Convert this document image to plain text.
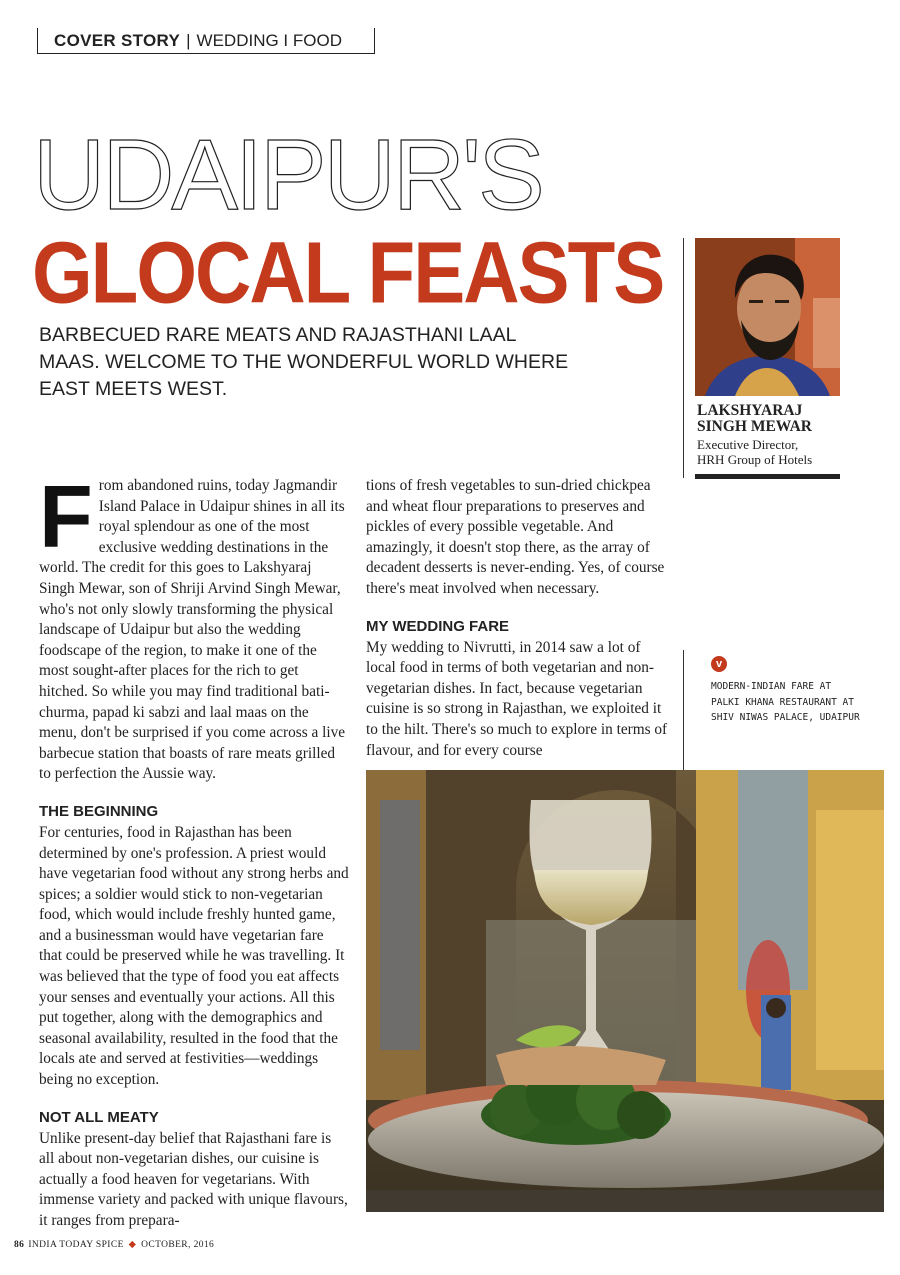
COVER STORY | WEDDING I FOOD
UDAIPUR'S
GLOCAL FEASTS
BARBECUED RARE MEATS AND RAJASTHANI LAAL MAAS. WELCOME TO THE WONDERFUL WORLD WHERE EAST MEETS WEST.
LAKSHYARAJ SINGH MEWAR
Executive Director,
HRH Group of Hotels
v
MODERN-INDIAN FARE AT PALKI KHANA RESTAURANT AT SHIV NIWAS PALACE, UDAIPUR

From abandoned ruins, today Jagmandir Island Palace in Udaipur shines in all its royal splendour as one of the most exclusive wedding destinations in the world. The credit for this goes to Lakshyaraj Singh Mewar, son of Shriji Arvind Singh Mewar, who's not only slowly transforming the physical landscape of Udaipur but also the wedding foodscape of the region, to make it one of the most sought-after places for the rich to get hitched. So while you may find traditional bati-churma, papad ki sabzi and laal maas on the menu, don't be surprised if you come across a live barbecue station that boasts of rare meats grilled to perfection the Aussie way.

THE BEGINNING

For centuries, food in Rajasthan has been determined by one's profession. A priest would have vegetarian food without any strong herbs and spices; a soldier would stick to non-vegetarian food, which would include freshly hunted game, and a businessman would have vegetarian fare that could be preserved while he was travelling. It was believed that the type of food you eat affects your senses and eventually your actions. All this put together, along with the demographics and seasonal availability, resulted in the food that the locals ate and served at festivities—weddings being no exception.

NOT ALL MEATY

Unlike present-day belief that Rajasthani fare is all about non-vegetarian dishes, our cuisine is actually a food heaven for vegetarians. With immense variety and packed with unique flavours, it ranges from prepara-

tions of fresh vegetables to sun-dried chickpea and wheat flour preparations to preserves and pickles of every possible vegetable. And amazingly, it doesn't stop there, as the array of decadent desserts is never-ending. Yes, of course there's meat involved when necessary.

MY WEDDING FARE

My wedding to Nivrutti, in 2014 saw a lot of local food in terms of both vegetarian and non-vegetarian dishes. In fact, because vegetarian cuisine is so strong in Rajasthan, we exploited it to the hilt. There's so much to explore in terms of flavour, and for every course

86 INDIA TODAY SPICE ◆ OCTOBER, 2016
